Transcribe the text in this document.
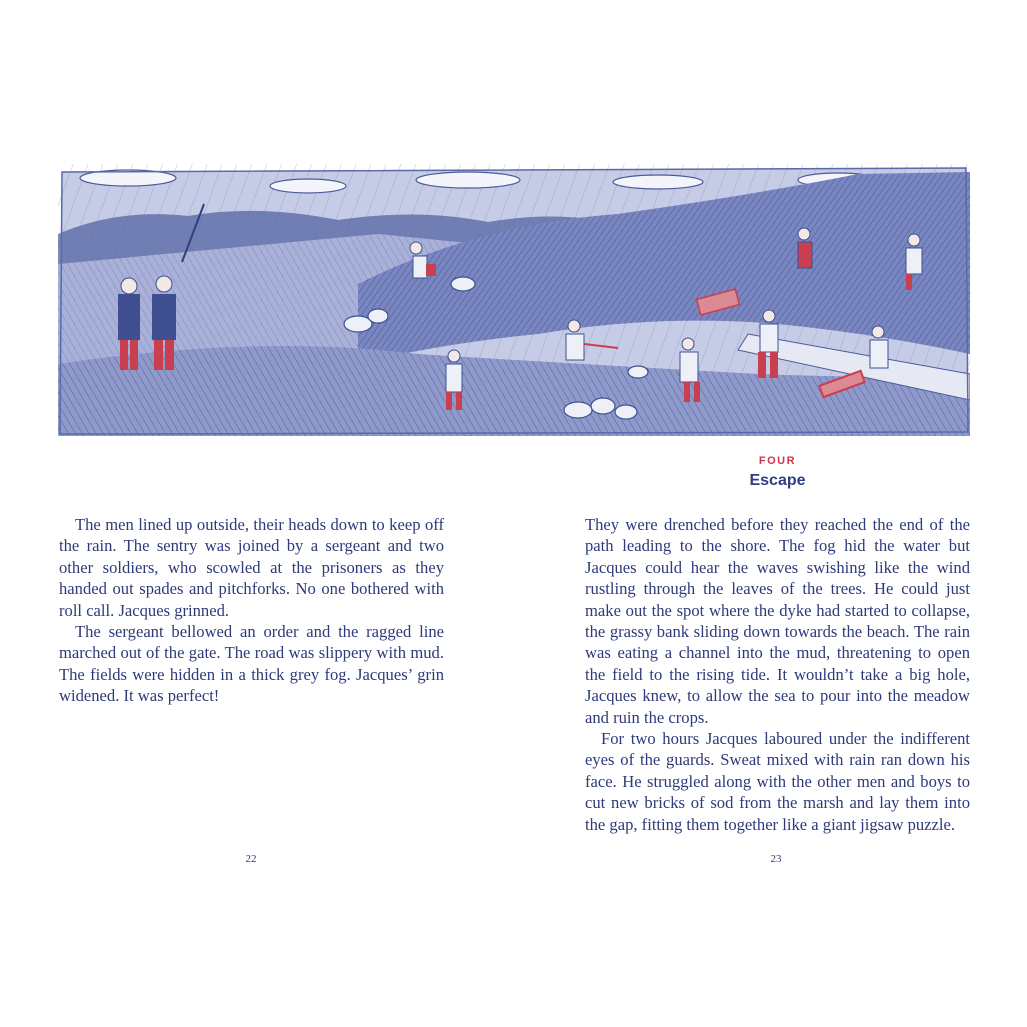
FOUR
Escape

The men lined up outside, their heads down to keep off the rain. The sentry was joined by a sergeant and two other soldiers, who scowled at the prisoners as they handed out spades and pitchforks. No one bothered with roll call. Jacques grinned.

The sergeant bellowed an order and the ragged line marched out of the gate. The road was slippery with mud. The fields were hidden in a thick grey fog. Jacques’ grin widened. It was perfect!

They were drenched before they reached the end of the path leading to the shore. The fog hid the water but Jacques could hear the waves swishing like the wind rustling through the leaves of the trees. He could just make out the spot where the dyke had started to collapse, the grassy bank sliding down towards the beach. The rain was eating a channel into the mud, threatening to open the field to the rising tide. It wouldn’t take a big hole, Jacques knew, to allow the sea to pour into the meadow and ruin the crops.

For two hours Jacques laboured under the indifferent eyes of the guards. Sweat mixed with rain ran down his face. He struggled along with the other men and boys to cut new bricks of sod from the marsh and lay them into the gap, fitting them together like a giant jigsaw puzzle.

22	23
